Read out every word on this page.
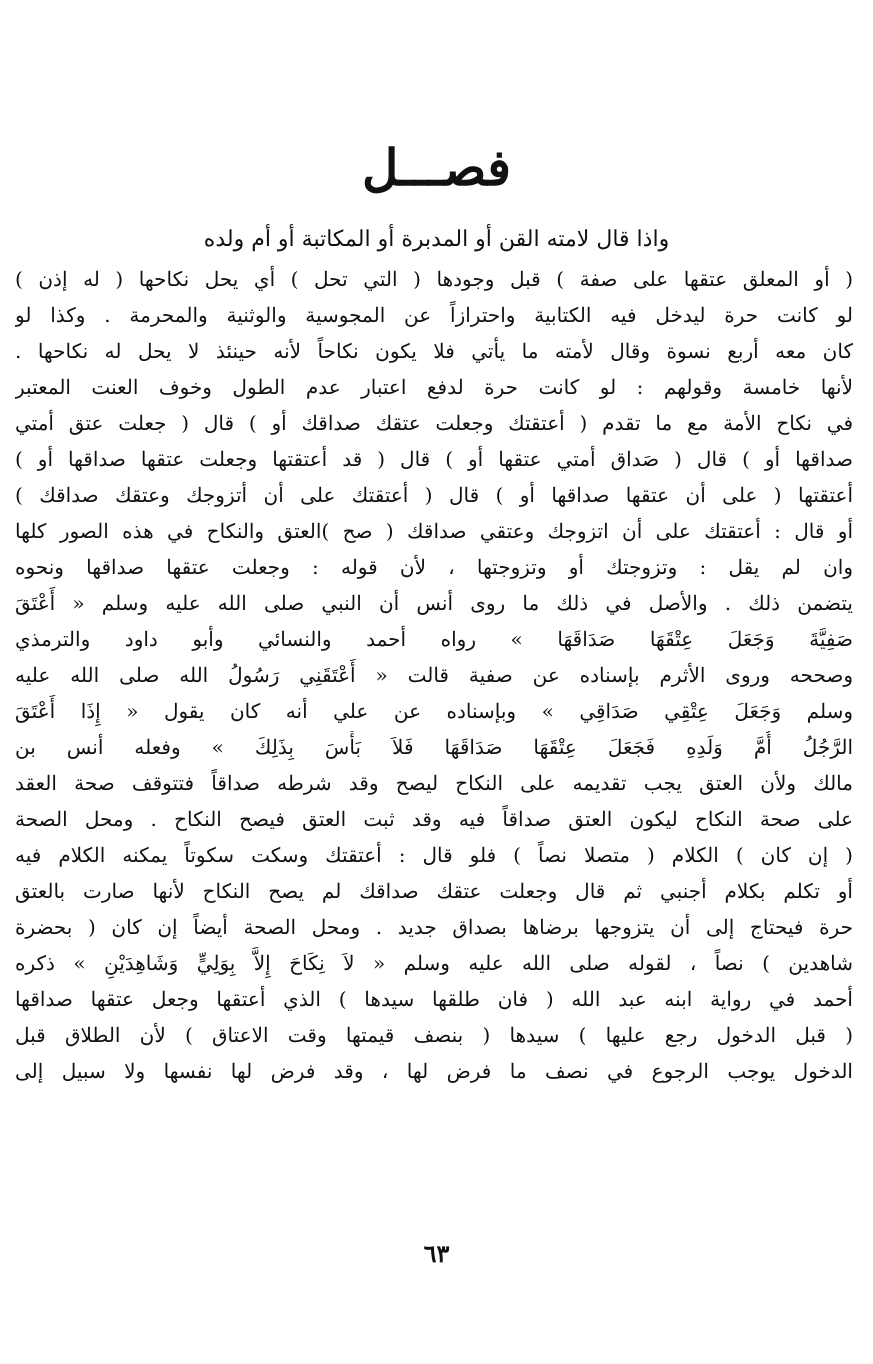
فصـــل
واذا قال لامته القن أو المدبرة أو المكاتبة أو أم ولده
( أو المعلق عتقها على صفة ) قبل وجودها ( التي تحل ) أي يحل نكاحها ( له إذن )
لو كانت حرة ليدخل فيه الكتابية واحترازاً عن المجوسية والوثنية والمحرمة . وكذا لو
كان معه أربع نسوة وقال لأمته ما يأتي فلا يكون نكاحاً لأنه حينئذ لا يحل له نكاحها .
لأنها خامسة وقولهم : لو كانت حرة لدفع اعتبار عدم الطول وخوف العنت المعتبر
في نكاح الأمة مع ما تقدم ( أعتقتك وجعلت عتقك صداقك أو ) قال ( جعلت عتق أمتي
صداقها أو ) قال ( صَداق أمتي عتقها أو ) قال ( قد أعتقتها وجعلت عتقها صداقها أو )
أعتقتها ( على أن عتقها صداقها أو ) قال ( أعتقتك على أن أتزوجك وعتقك صداقك )
أو قال : أعتقتك على أن اتزوجك وعتقي صداقك ( صح )العتق والنكاح في هذه الصور كلها
وان لم يقل : وتزوجتك أو وتزوجتها ، لأن قوله : وجعلت عتقها صداقها ونحوه
يتضمن ذلك . والأصل في ذلك ما روى أنس أن النبي صلى الله عليه وسلم « أَعْتَقَ
صَفِيَّةَ وَجَعَلَ عِتْقَهَا صَدَاقَهَا » رواه أحمد والنسائي وأبو داود والترمذي
وصححه وروى الأثرم بإسناده عن صفية قالت « أَعْتَقَنِي رَسُولُ الله صلى الله عليه
وسلم وَجَعَلَ عِتْقِي صَدَاقِي » وبإسناده عن علي أنه كان يقول « إِذَا أَعْتَقَ
الرَّجُلُ أُمَّ وَلَدِهِ فَجَعَلَ عِتْقَهَا صَدَاقَهَا فَلاَ بَأْسَ بِذَلِكَ » وفعله أنس بن
مالك ولأن العتق يجب تقديمه على النكاح ليصح وقد شرطه صداقاً فتتوقف صحة العقد
على صحة النكاح ليكون العتق صداقاً فيه وقد ثبت العتق فيصح النكاح . ومحل الصحة
( إن كان ) الكلام ( متصلا نصاً ) فلو قال : أعتقتك وسكت سكوتاً يمكنه الكلام فيه
أو تكلم بكلام أجنبي ثم قال وجعلت عتقك صداقك لم يصح النكاح لأنها صارت بالعتق
حرة فيحتاج إلى أن يتزوجها برضاها بصداق جديد . ومحل الصحة أيضاً إن كان ( بحضرة
شاهدين ) نصاً ، لقوله صلى الله عليه وسلم « لاَ نِكَاحَ إِلاَّ بِوَلِيٍّ وَشَاهِدَيْنِ » ذكره
أحمد في رواية ابنه عبد الله ( فان طلقها سيدها ) الذي أعتقها وجعل عتقها صداقها
( قبل الدخول رجع عليها ) سيدها ( بنصف قيمتها وقت الاعتاق ) لأن الطلاق قبل
الدخول يوجب الرجوع في نصف ما فرض لها ، وقد فرض لها نفسها ولا سبيل إلى
٦٣
